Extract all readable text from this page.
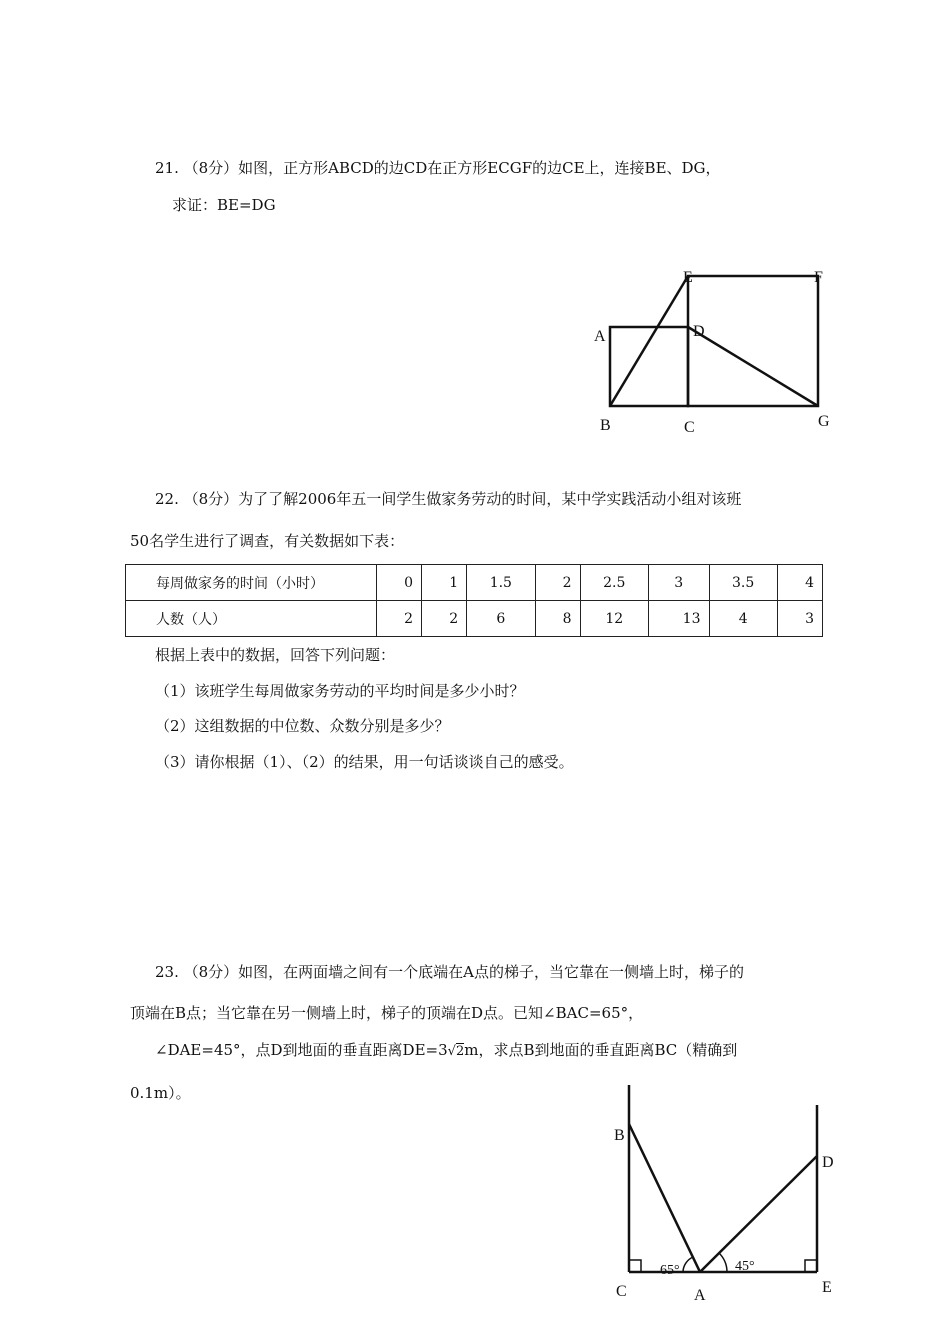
21. （8分）如图，正方形ABCD的边CD在正方形ECGF的边CE上，连接BE、DG，
求证：BE=DG
A
B	C
D
E	F
G
B
D
C	A	E
65°	45°
22. （8分）为了了解2006年五一间学生做家务劳动的时间，某中学实践活动小组对该班
50名学生进行了调查，有关数据如下表：
每周做家务的时间（小时）	0	1	1.5	2	2.5	3	3.5	4
人数（人）	2	2	6	8	12	13	4	3
根据上表中的数据，回答下列问题：
（1）该班学生每周做家务劳动的平均时间是多少小时？
（2）这组数据的中位数、众数分别是多少？
（3）请你根据（1）、（2）的结果，用一句话谈谈自己的感受。
23. （8分）如图，在两面墙之间有一个底端在A点的梯子，当它靠在一侧墙上时，梯子的
顶端在B点；当它靠在另一侧墙上时，梯子的顶端在D点。已知∠BAC=65°，
∠DAE=45°，点D到地面的垂直距离DE=3√2m，求点B到地面的垂直距离BC（精确到
0.1m）。
